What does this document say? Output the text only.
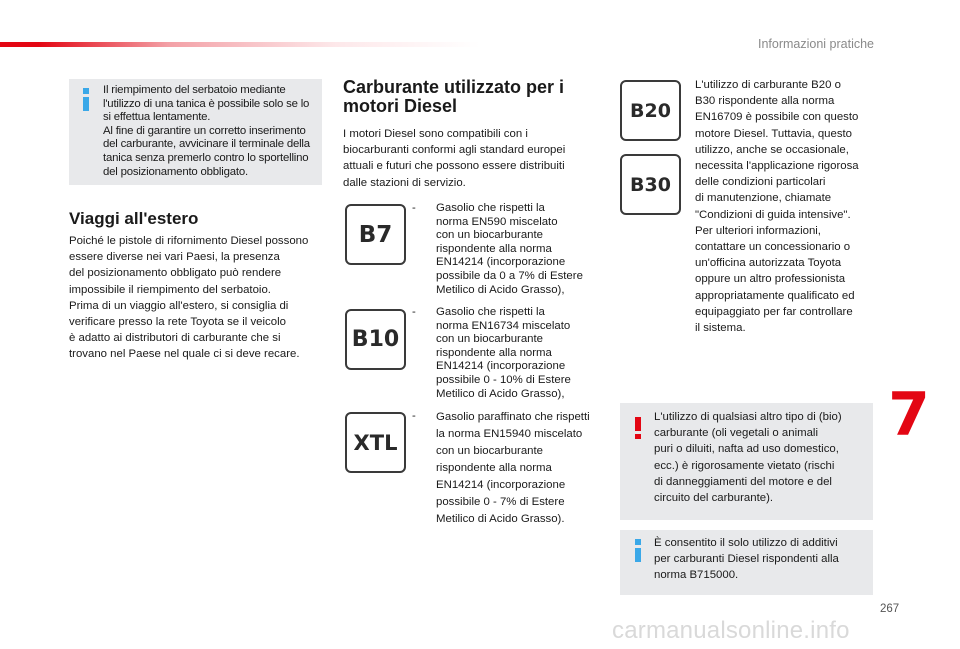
Informazioni pratiche
Il riempimento del serbatoio mediante
l'utilizzo di una tanica è possibile solo se lo
si effettua lentamente.
Al fine di garantire un corretto inserimento
del carburante, avvicinare il terminale della
tanica senza premerlo contro lo sportellino
del posizionamento obbligato.
Viaggi all'estero
Poiché le pistole di rifornimento Diesel possono
essere diverse nei vari Paesi, la presenza
del posizionamento obbligato può rendere
impossibile il riempimento del serbatoio.
Prima di un viaggio all'estero, si consiglia di
verificare presso la rete Toyota se il veicolo
è adatto ai distributori di carburante che si
trovano nel Paese nel quale ci si deve recare.
Carburante utilizzato per i
motori Diesel
I motori Diesel sono compatibili con i
biocarburanti conformi agli standard europei
attuali e futuri che possono essere distribuiti
dalle stazioni di servizio.
B7
- Gasolio che rispetti la
norma EN590 miscelato
con un biocarburante
rispondente alla norma
EN14214 (incorporazione
possibile da 0 a 7% di Estere
Metilico di Acido Grasso),
B10
- Gasolio che rispetti la
norma EN16734 miscelato
con un biocarburante
rispondente alla norma
EN14214 (incorporazione
possibile 0 - 10% di Estere
Metilico di Acido Grasso),
XTL
- Gasolio paraffinato che rispetti
la norma EN15940 miscelato
con un biocarburante
rispondente alla norma
EN14214 (incorporazione
possibile 0 - 7% di Estere
Metilico di Acido Grasso).
B20
B30
L'utilizzo di carburante B20 o
B30 rispondente alla norma
EN16709 è possibile con questo
motore Diesel. Tuttavia, questo
utilizzo, anche se occasionale,
necessita l'applicazione rigorosa
delle condizioni particolari
di manutenzione, chiamate
"Condizioni di guida intensive".
Per ulteriori informazioni,
contattare un concessionario o
un'officina autorizzata Toyota
oppure un altro professionista
appropriatamente qualificato ed
equipaggiato per far controllare
il sistema.
L'utilizzo di qualsiasi altro tipo di (bio)
carburante (oli vegetali o animali
puri o diluiti, nafta ad uso domestico,
ecc.) è rigorosamente vietato (rischi
di danneggiamenti del motore e del
circuito del carburante).
È consentito il solo utilizzo di additivi
per carburanti Diesel rispondenti alla
norma B715000.
7
267
carmanualsonline.info
